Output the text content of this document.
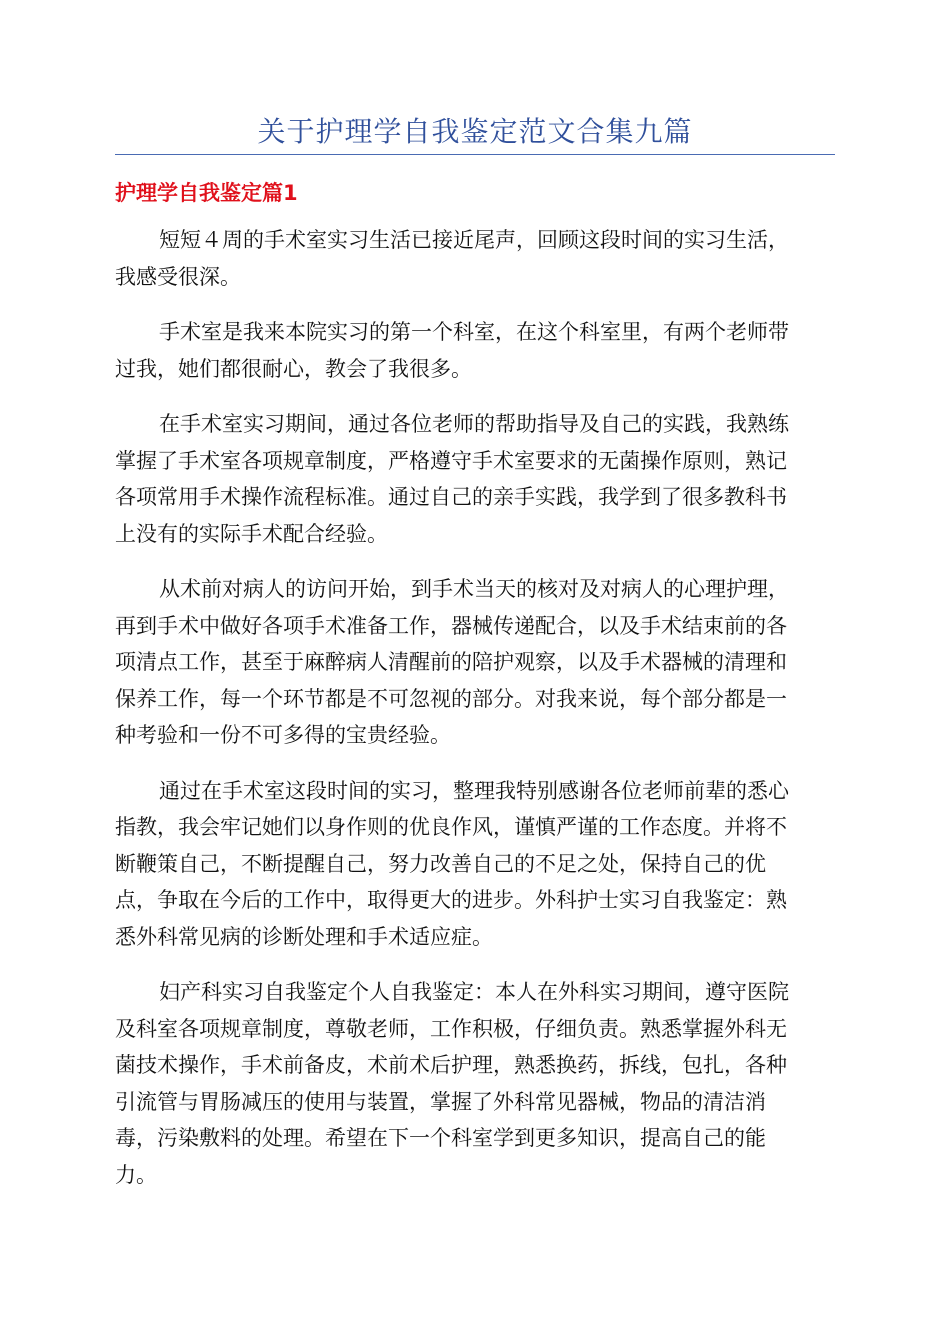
关于护理学自我鉴定范文合集九篇
护理学自我鉴定篇1
短短４周的手术室实习生活已接近尾声，回顾这段时间的实习生活，
我感受很深。
手术室是我来本院实习的第一个科室，在这个科室里，有两个老师带
过我，她们都很耐心，教会了我很多。
在手术室实习期间，通过各位老师的帮助指导及自己的实践，我熟练
掌握了手术室各项规章制度，严格遵守手术室要求的无菌操作原则，熟记
各项常用手术操作流程标准。通过自己的亲手实践，我学到了很多教科书
上没有的实际手术配合经验。
从术前对病人的访问开始，到手术当天的核对及对病人的心理护理，
再到手术中做好各项手术准备工作，器械传递配合，以及手术结束前的各
项清点工作，甚至于麻醉病人清醒前的陪护观察，以及手术器械的清理和
保养工作，每一个环节都是不可忽视的部分。对我来说，每个部分都是一
种考验和一份不可多得的宝贵经验。
通过在手术室这段时间的实习，整理我特别感谢各位老师前辈的悉心
指教，我会牢记她们以身作则的优良作风，谨慎严谨的工作态度。并将不
断鞭策自己，不断提醒自己，努力改善自己的不足之处，保持自己的优
点，争取在今后的工作中，取得更大的进步。外科护士实习自我鉴定：熟
悉外科常见病的诊断处理和手术适应症。
妇产科实习自我鉴定个人自我鉴定：本人在外科实习期间，遵守医院
及科室各项规章制度，尊敬老师，工作积极，仔细负责。熟悉掌握外科无
菌技术操作，手术前备皮，术前术后护理，熟悉换药，拆线，包扎，各种
引流管与胃肠减压的使用与装置，掌握了外科常见器械，物品的清洁消
毒，污染敷料的处理。希望在下一个科室学到更多知识，提高自己的能
力。
